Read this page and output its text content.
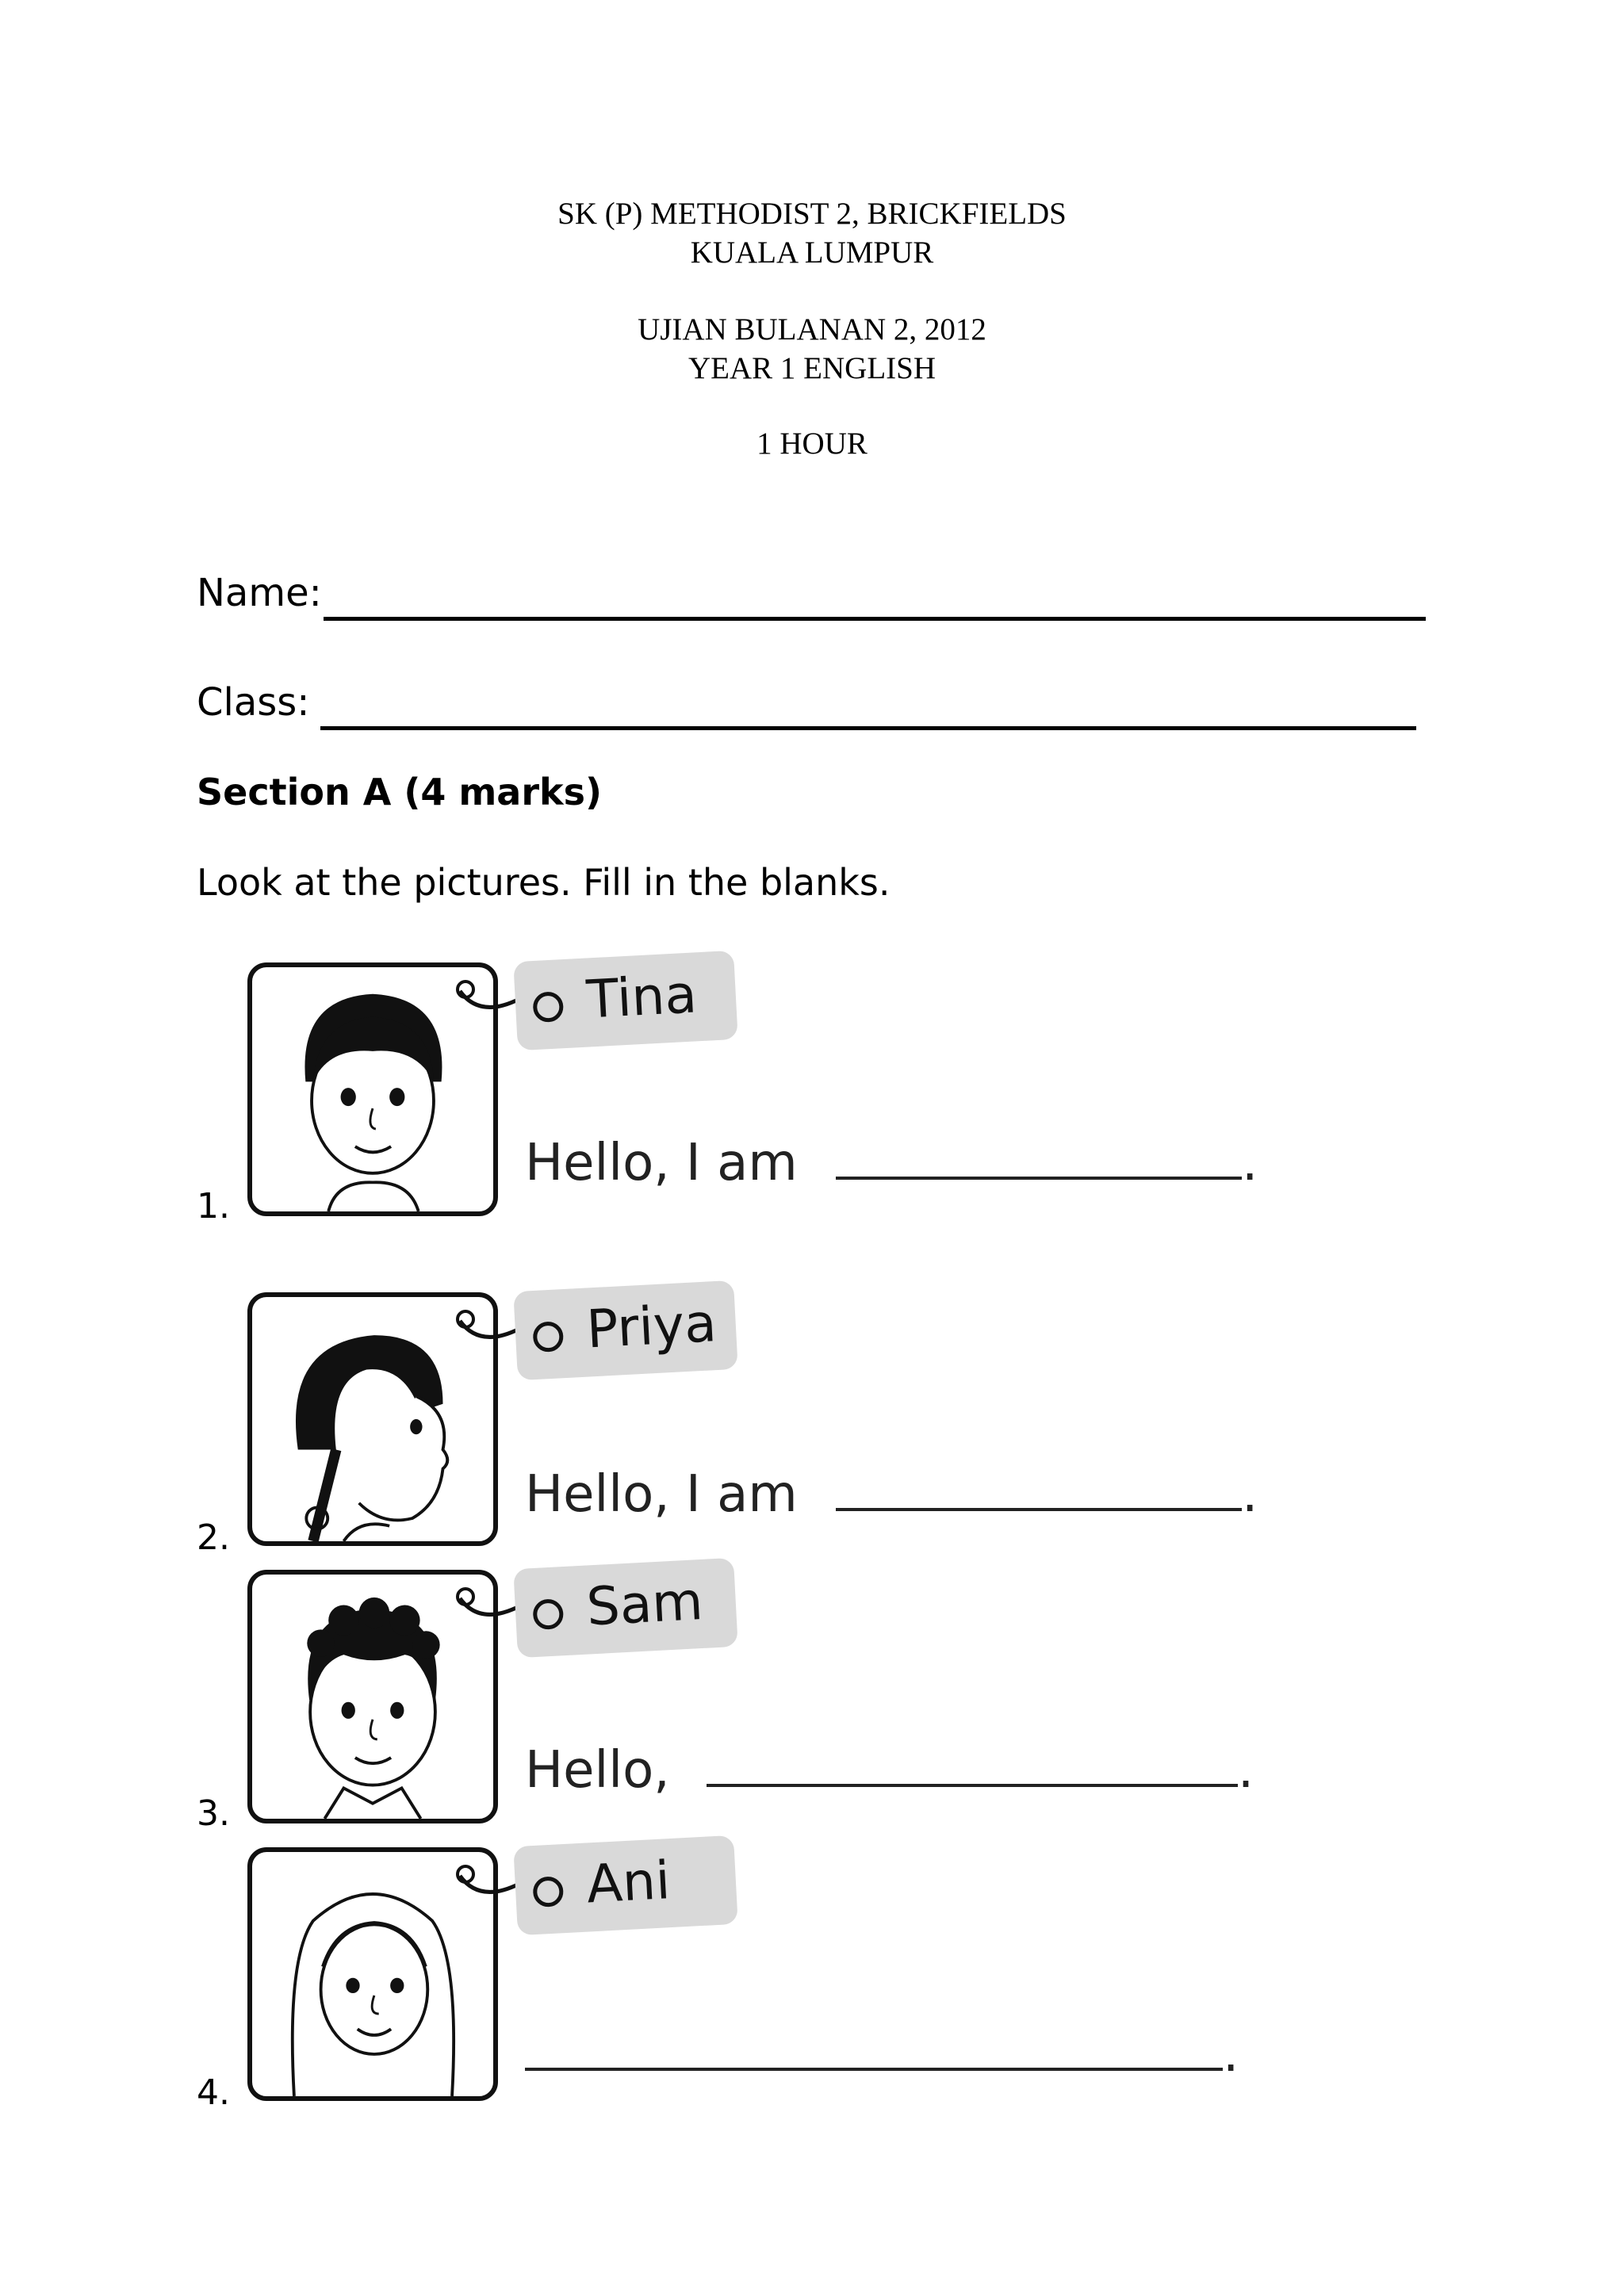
SK (P) METHODIST 2, BRICKFIELDS
KUALA LUMPUR
UJIAN BULANAN 2, 2012
YEAR 1 ENGLISH
1 HOUR
Name:
Class:
Section A (4 marks)
Look at the pictures. Fill in the blanks.
Tina
Hello, I am	.
1.
Priya
Hello, I am	.
2.
Sam
Hello,	.
3.
Ani
.
4.
